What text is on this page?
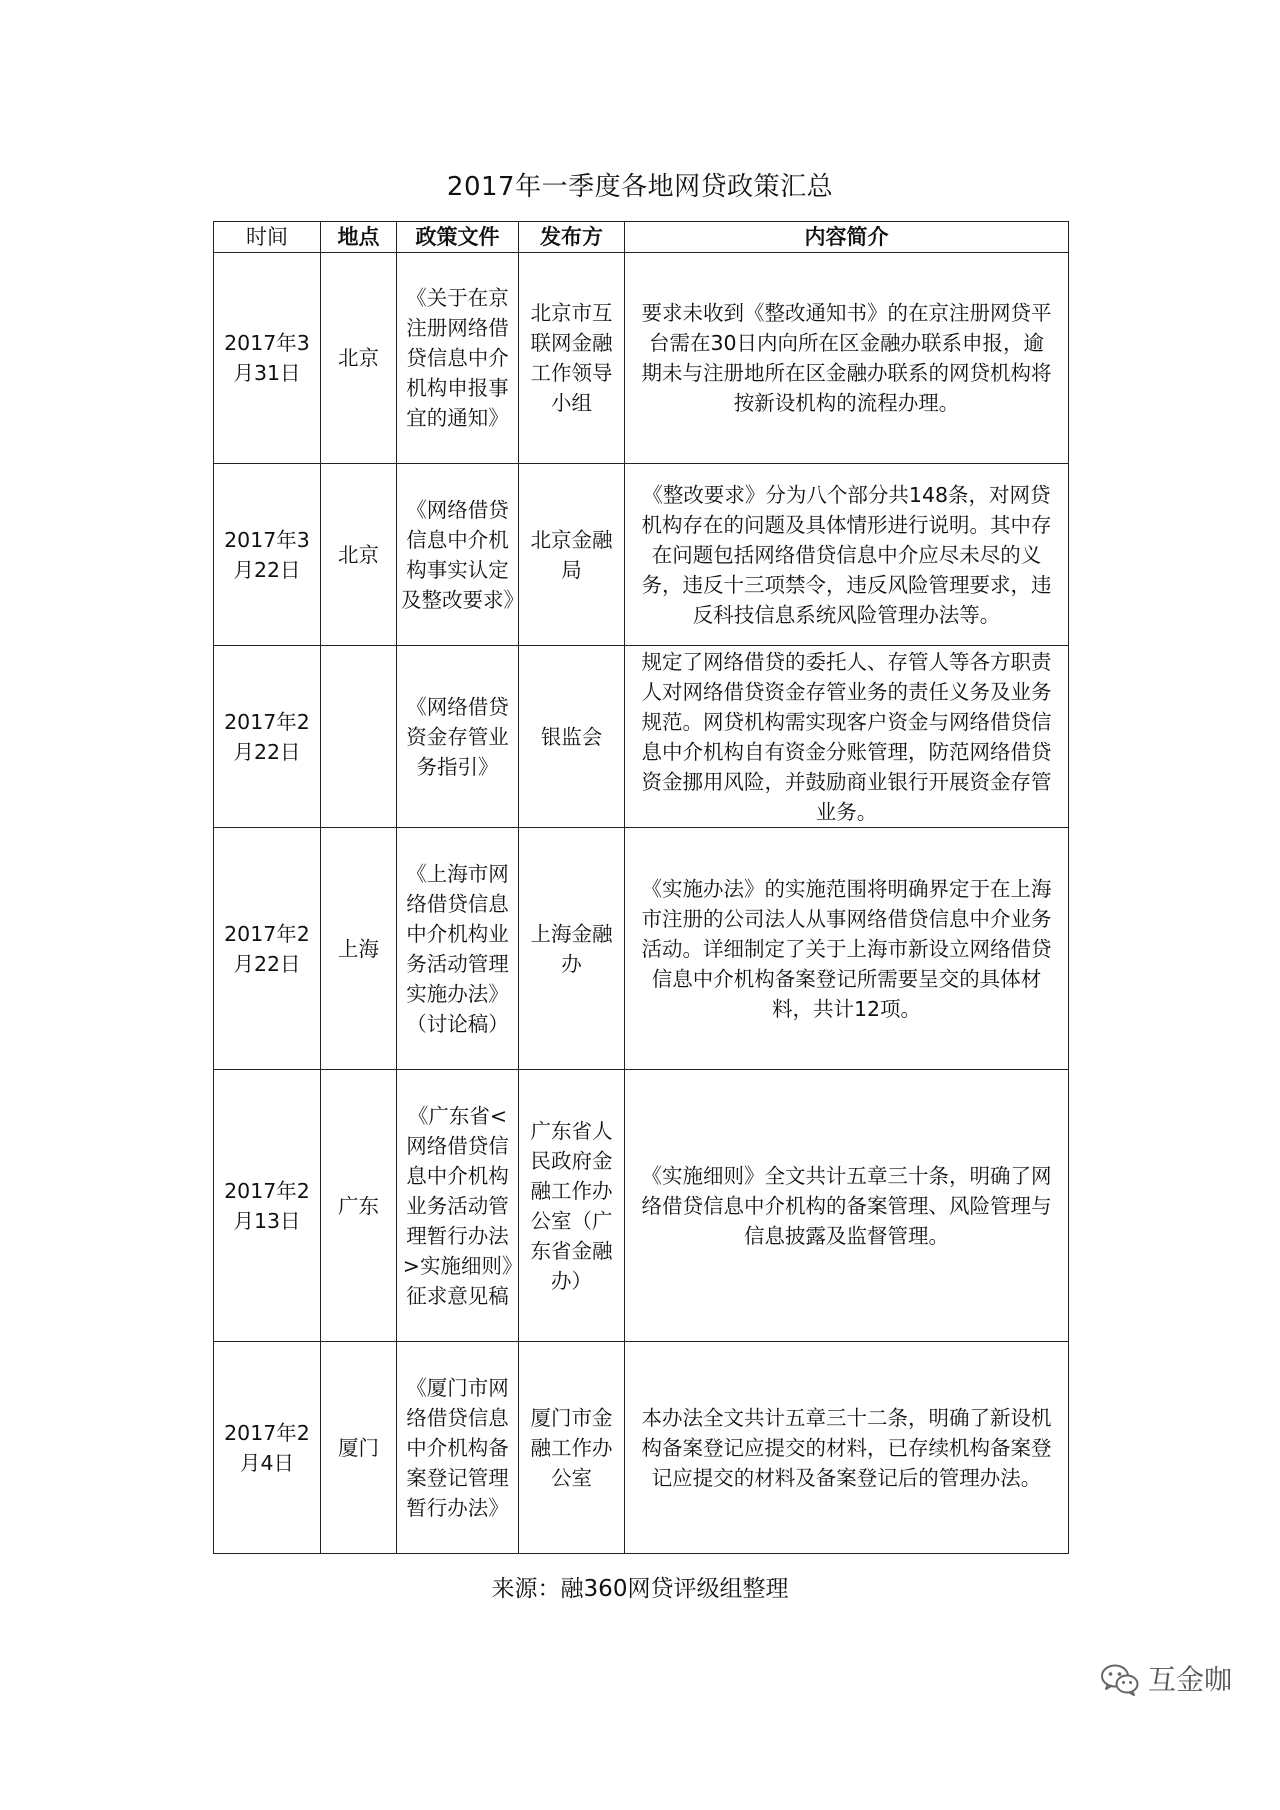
2017年一季度各地网贷政策汇总
时间	地点	政策文件	发布方	内容简介
2017年3月31日	北京	《关于在京注册网络借贷信息中介机构申报事宜的通知》	北京市互联网金融工作领导小组	要求未收到《整改通知书》的在京注册网贷平台需在30日内向所在区金融办联系申报，逾期未与注册地所在区金融办联系的网贷机构将按新设机构的流程办理。
2017年3月22日	北京	《网络借贷信息中介机构事实认定及整改要求》	北京金融局	《整改要求》分为八个部分共148条，对网贷机构存在的问题及具体情形进行说明。其中存在问题包括网络借贷信息中介应尽未尽的义务，违反十三项禁令，违反风险管理要求，违反科技信息系统风险管理办法等。
2017年2月22日		《网络借贷资金存管业务指引》	银监会	规定了网络借贷的委托人、存管人等各方职责人对网络借贷资金存管业务的责任义务及业务规范。网贷机构需实现客户资金与网络借贷信息中介机构自有资金分账管理，防范网络借贷资金挪用风险，并鼓励商业银行开展资金存管业务。
2017年2月22日	上海	《上海市网络借贷信息中介机构业务活动管理实施办法》（讨论稿）	上海金融办	《实施办法》的实施范围将明确界定于在上海市注册的公司法人从事网络借贷信息中介业务活动。详细制定了关于上海市新设立网络借贷信息中介机构备案登记所需要呈交的具体材料，共计12项。
2017年2月13日	广东	《广东省<网络借贷信息中介机构业务活动管理暂行办法>实施细则》征求意见稿	广东省人民政府金融工作办公室（广东省金融办）	《实施细则》全文共计五章三十条，明确了网络借贷信息中介机构的备案管理、风险管理与信息披露及监督管理。
2017年2月4日	厦门	《厦门市网络借贷信息中介机构备案登记管理暂行办法》	厦门市金融工作办公室	本办法全文共计五章三十二条，明确了新设机构备案登记应提交的材料，已存续机构备案登记应提交的材料及备案登记后的管理办法。
来源：融360网贷评级组整理
互金咖
